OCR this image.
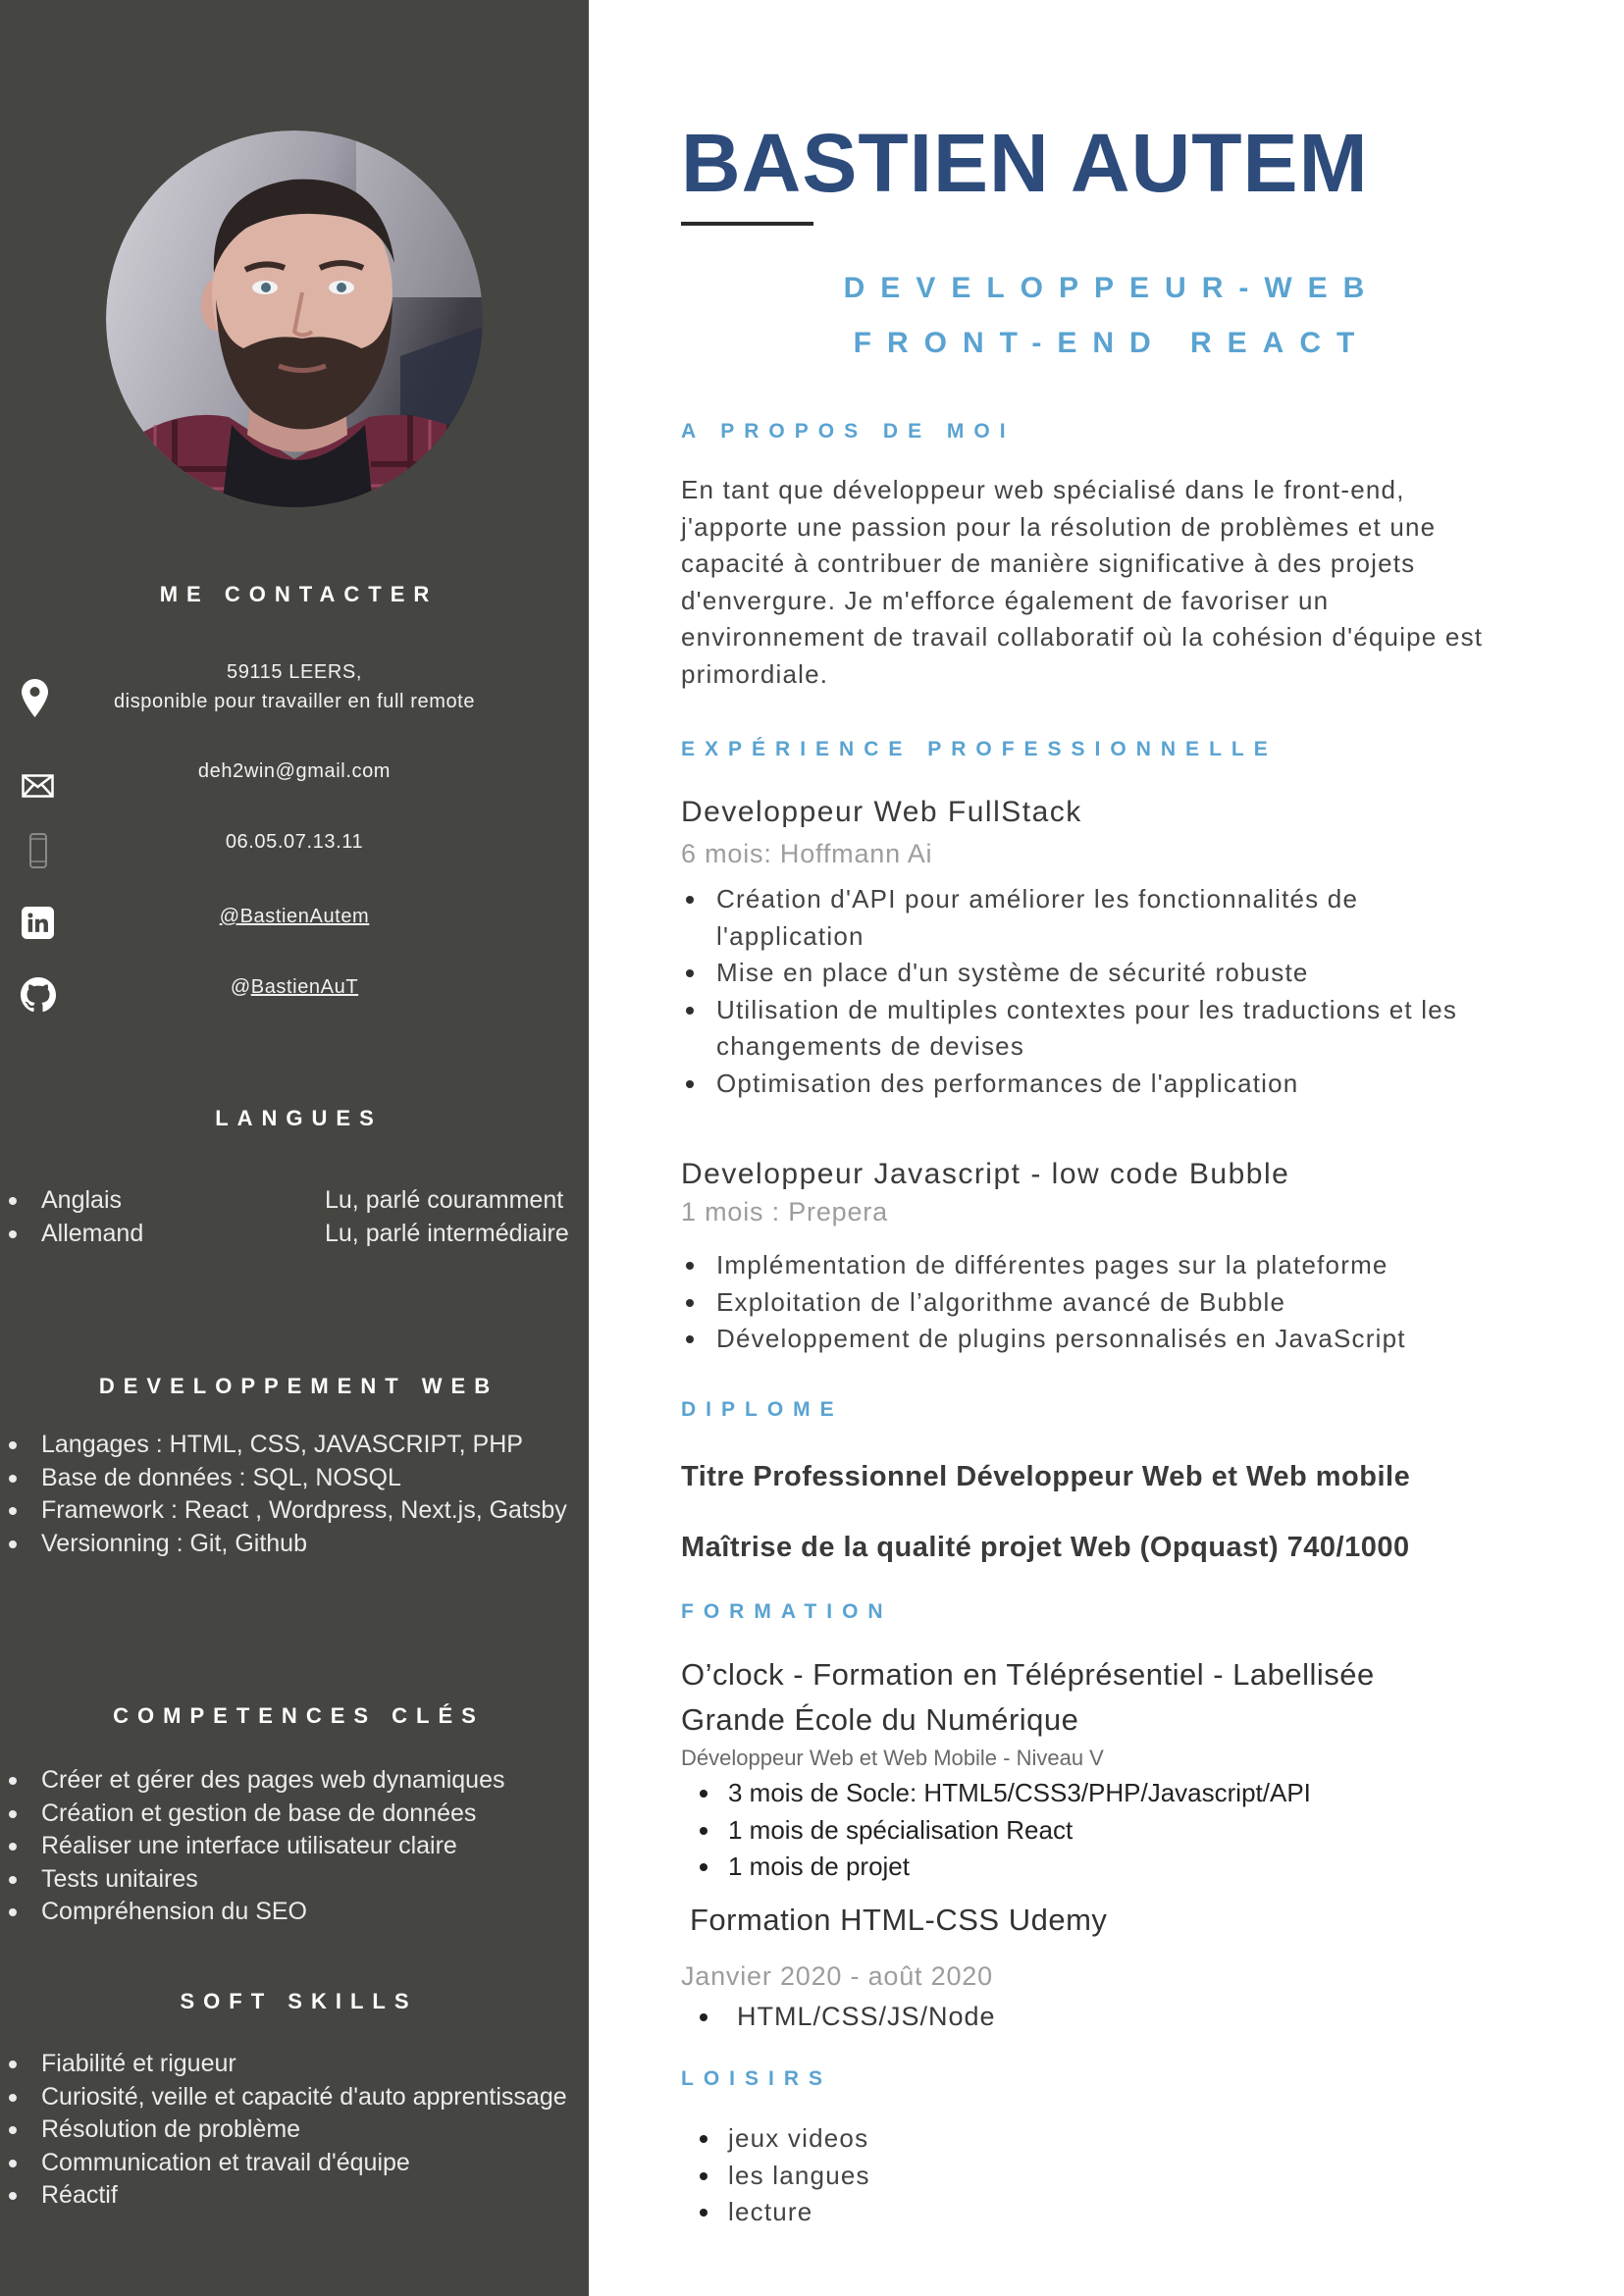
ME CONTACTER
59115 LEERS,
disponible pour travailler en full remote
deh2win@gmail.com
06.05.07.13.11
@BastienAutem
@BastienAuT
LANGUES
Anglais	Lu, parlé couramment
Allemand	Lu, parlé intermédiaire
DEVELOPPEMENT WEB
Langages : HTML, CSS, JAVASCRIPT, PHP
Base de données : SQL, NOSQL
Framework : React , Wordpress, Next.js, Gatsby
Versionning : Git, Github
COMPETENCES CLÉS
Créer et gérer des pages web dynamiques
Création et gestion de base de données
Réaliser une interface utilisateur claire
Tests unitaires
Compréhension du SEO
SOFT SKILLS
Fiabilité et rigueur
Curiosité, veille et capacité d'auto apprentissage
Résolution de problème
Communication et travail d'équipe
Réactif
BASTIEN AUTEM
DEVELOPPEUR-WEB
FRONT-END REACT
A PROPOS DE MOI

En tant que développeur web spécialisé dans le front-end,
j'apporte une passion pour la résolution de problèmes et une
capacité à contribuer de manière significative à des projets
d'envergure. Je m'efforce également de favoriser un
environnement de travail collaboratif où la cohésion d'équipe est
primordiale.

EXPÉRIENCE PROFESSIONNELLE
Developpeur Web FullStack
6 mois: Hoffmann Ai
Création d'API pour améliorer les fonctionnalités de
l'application
Mise en place d'un système de sécurité robuste
Utilisation de multiples contextes pour les traductions et les
changements de devises
Optimisation des performances de l'application
Developpeur Javascript - low code Bubble
1 mois : Prepera
Implémentation de différentes pages sur la plateforme
Exploitation de l’algorithme avancé de Bubble
Développement de plugins personnalisés en JavaScript
DIPLOME
Titre Professionnel Développeur Web et Web mobile
Maîtrise de la qualité projet Web (Opquast) 740/1000
FORMATION
O’clock - Formation en Téléprésentiel - Labellisée
Grande École du Numérique
Développeur Web et Web Mobile - Niveau V
3 mois de Socle: HTML5/CSS3/PHP/Javascript/API
1 mois de spécialisation React
1 mois de projet
Formation HTML-CSS Udemy
Janvier 2020 - août 2020
HTML/CSS/JS/Node
LOISIRS
jeux videos
les langues
lecture
